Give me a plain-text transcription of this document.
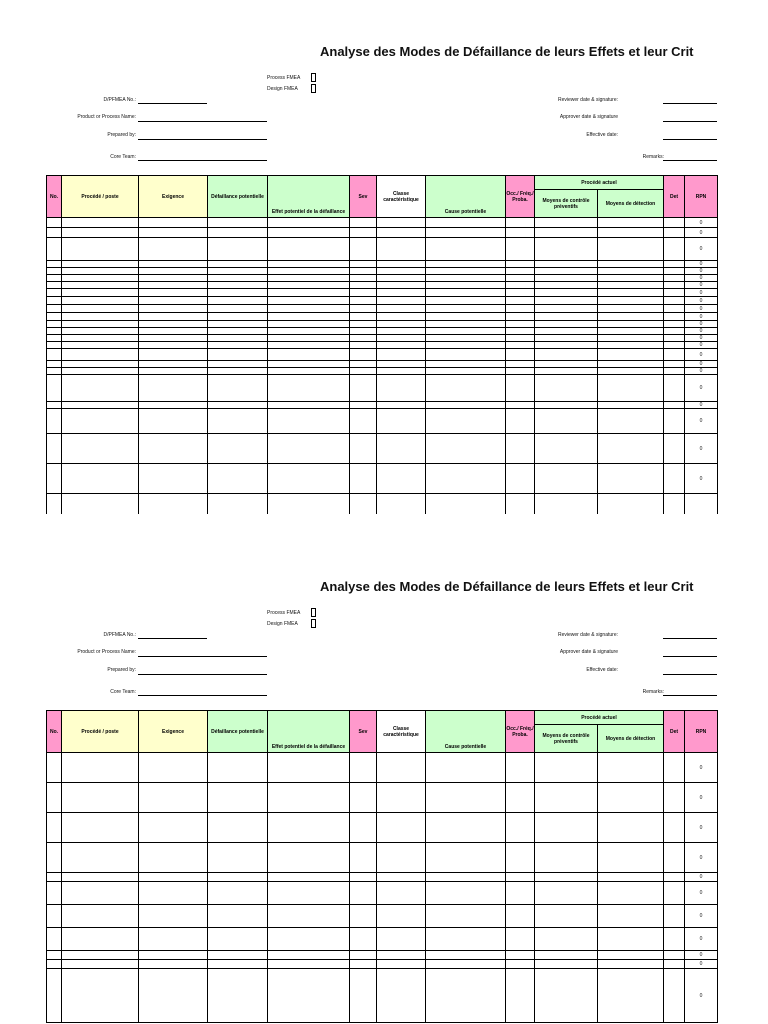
Analyse des Modes de Défaillance de leurs Effets et leur Crit
Process FMEA
Design FMEA
D/PFMEA No.:
Product or Process Name:
Prepared by:
Core Team:
Reviewer date & signature:
Approver date & signature
Effective date:
Remarks:
No.	Procédé / poste	Exigence	Défaillance potentielle	Effet potentiel de la défaillance	Sev	Classe caractéristique	Cause potentielle	Occ./ Fréq./ Proba.	Procédé actuel		Det	RPN
									Moyens de contrôle préventifs	Moyens de détection		
												0
												0
												0
												0
												0
												0
												0
												0
												0
												0
												0
												0
												0
												0
												0
												0
												0
												0
												0
												0
												0
												0
												0

Analyse des Modes de Défaillance de leurs Effets et leur Crit
Process FMEA
Design FMEA
D/PFMEA No.:
Product or Process Name:
Prepared by:
Core Team:
Reviewer date & signature:
Approver date & signature
Effective date:
Remarks:
No.	Procédé / poste	Exigence	Défaillance potentielle	Effet potentiel de la défaillance	Sev	Classe caractéristique	Cause potentielle	Occ./ Fréq./ Proba.	Procédé actuel		Det	RPN
									Moyens de contrôle préventifs	Moyens de détection		
												0
												0
												0
												0
												0
												0
												0
												0
												0
												0
												0
